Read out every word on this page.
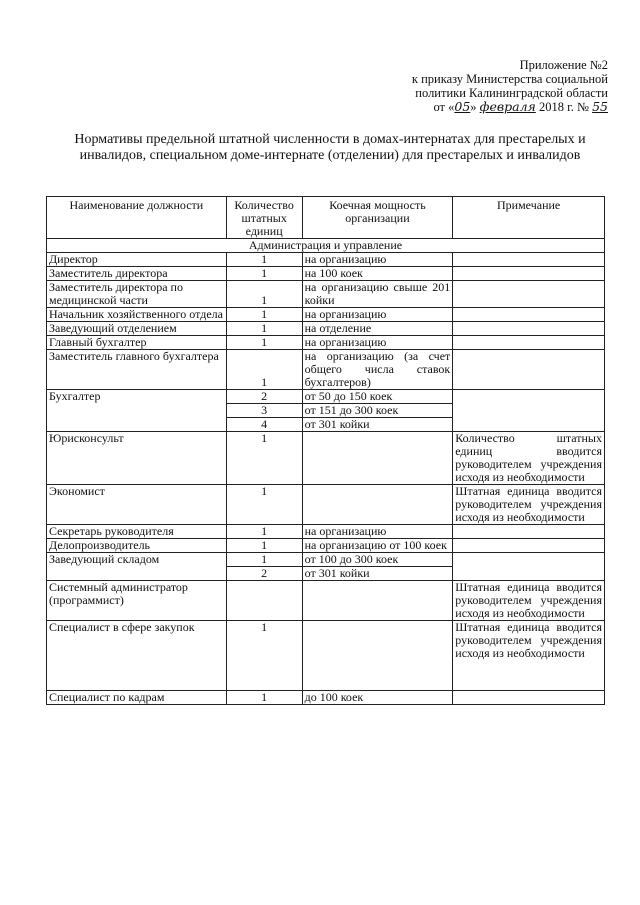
Приложение №2
к приказу Министерства социальной
политики Калининградской области
от «05» февраля 2018 г. № 55
Нормативы предельной штатной численности в домах-интернатах для престарелых и инвалидов, специальном доме-интернате (отделении) для престарелых и инвалидов
Наименование должности	Количество штатных единиц	Коечная мощность организации	Примечание
Администрация и управление			
Директор	1	на организацию	
Заместитель директора	1	на 100 коек	
Заместитель директора по медицинской части	1	на организацию свыше 201 койки	
Начальник хозяйственного отдела	1	на организацию	
Заведующий отделением	1	на отделение	
Главный бухгалтер	1	на организацию	
Заместитель главного бухгалтера	1	на организацию (за счет общего числа ставок бухгалтеров)	
Бухгалтер	2	от 50 до 150 коек	
	3	от 151 до 300 коек	
	4	от 301 койки	
Юрисконсульт	1		Количество штатных единиц вводится руководителем учреждения исходя из необходимости
Экономист	1		Штатная единица вводится руководителем учреждения исходя из необходимости
Секретарь руководителя	1	на организацию	
Делопроизводитель	1	на организацию от 100 коек	
Заведующий складом	1	от 100 до 300 коек	
	2	от 301 койки	
Системный администратор (программист)			Штатная единица вводится руководителем учреждения исходя из необходимости
Специалист в сфере закупок	1		Штатная единица вводится руководителем учреждения исходя из необходимости
Специалист по кадрам	1	до 100 коек	
